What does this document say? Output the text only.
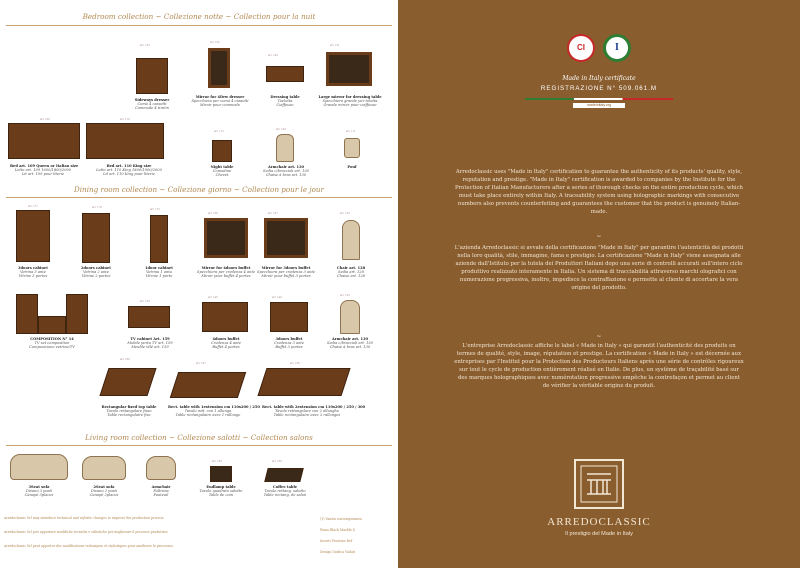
Bedroom collection ~ Collezione notte ~ Collection pour la nuit
art. 135
Sideways dresser
Comò 4 cassetti
Commode 4 tiroirs
art. 162
Mirror for 4Drw dresser
Specchiera per comò 4 cassetti
Miroir pour commode
art. 149
Dressing table
Toeletta
Coiffeuse
art. 161
Large mirror for dressing table
Specchiera grande per toletta
Grande miroir pour coiffeuse
art. 109
Bed art. 109 Queen or Italian size
Letto art. 109 1600/1800/2000
Lit art. 109 pour literie
art. 110
Bed art. 110 King size
Letto art. 110 King 1800/1900/2000
Lit art. 110 King pour literie
art. 112
Night table
Comodino
Chevet
art. 130
Armchair art. 130
Sedia c/braccioli art. 130
Chaise à bras art. 130
art. 111
Pouf
Dining room collection ~ Collezione giorno ~ Collection pour le jour
art. 177
3doors cabinet
Vetrina 3 ante
Vitrine 3 portes
art. 178
2doors cabinet
Vetrina 2 ante
Vitrine 2 portes
art. 170
1door cabinet
Vetrina 1 anta
Vitrine 1 porte
art. 168
Mirror for 4doors buffet
Specchiera per credenza 4 ante
Miroir pour buffet 4 portes
art. 167
Mirror for 3doors buffet
Specchiera per credenza 3 ante
Miroir pour buffet 3 portes
art. 128
Chair art. 128
Sedia art. 128
Chaise art. 128
COMPOSITION N° 14
TV set composition
Composizione vetrine/TV
art. 159
TV cabinet Art. 159
Mobile porta TV art. 159
Meuble télé art. 159
art. 145
4doors buffet
Credenza 4 ante
Buffet 4 portes
art. 144
3doors buffet
Credenza 3 ante
Buffet 3 portes
art. 130
Armchair art. 130
Sedia c/braccioli art. 130
Chaise à bras art. 130
art. 186
Rectangular fixed top table
Tavolo rettangolare fisso
Table rectangulaire fixe
art. 187
Rect. table with 1extension cm 110x200 / 250
Tavolo rett. con 1 allunga
Table rectangulaire avec 1 rallonge
art. 188
Rect. table with 2extension cm 110x200 / 250 / 300
Tavolo rettangolare con 2 allunghe
Table rectangulaire avec 2 rallonges
Living room collection ~ Collezione salotti ~ Collection salons
3Seat sofa
Divano 3 posti
Canapé 3places
2Seat sofa
Divano 2 posti
Canapé 2places
Armchair
Poltrona
Fauteuil
art. 185
Endlamp table
Tavolo quadrato salotto
Table de coin
art. 184
Coffee table
Tavolo rettang. salotto
Table rectang. de salon
Arredoclassic Srl may introduce technical and stylistic changes to improve the production process.
Arredoclassic Srl può apportare modifiche tecniche e stilistiche per migliorare il processo produttivo.
Arredoclassic Srl peut apporter des modifications techniques et stylistiques pour améliorer le processus.
(1) Vanità contemporanea
Piano Black Marble 4
Inserti Frontino Ref
Design Grafica Vailati
CI	I
Made in Italy certificate
REGISTRAZIONE N° 509.061.M
madeinitaly.org
Arredoclassic uses "Made in Italy" certification to guarantee the authenticity of its products' quality, style, reputation and prestige. "Made in Italy" certification is awarded to companies by the Institute for the Protection of Italian Manufacturers after a series of thorough checks on the entire production cycle, which must take place entirely within Italy. A traceability system using holographic markings with consecutive numbers also prevents counterfeiting and guarantees the customer that the product is genuinely Italian-made.
~
L'azienda Arredoclassic si avvale della certificazione "Made in Italy" per garantire l'autenticità dei prodotti nella loro qualità, stile, immagine, fama e prestigio. La certificazione "Made in Italy" viene assegnata alle aziende dall'Istituto per la tutela dei Produttori Italiani dopo una serie di controlli accurati sull'intero ciclo produttivo realizzato interamente in Italia. Un sistema di tracciabilità attraverso marchi olografici con numerazione progressiva, inoltre, impedisce la contraffazione e permette al cliente di accertare la vera origine del prodotto.
~
L'entreprise Arredoclassic affiche le label « Made in Italy » qui garantit l'authenticité des produits en termes de qualité, style, image, réputation et prestige. La certification « Made in Italy » est décernée aux entreprises par l'Institut pour la Protection des Producteurs Italiens après une série de contrôles rigoureux sur tout le cycle de production entièrement réalisé en Italie. De plus, un système de traçabilité basé sur des marques holographiques avec numérotation progressive empêche la contrefaçon et permet au client de vérifier la véritable origine du produit.
ARREDOCLASSIC
Il prestigio del Made in Italy
